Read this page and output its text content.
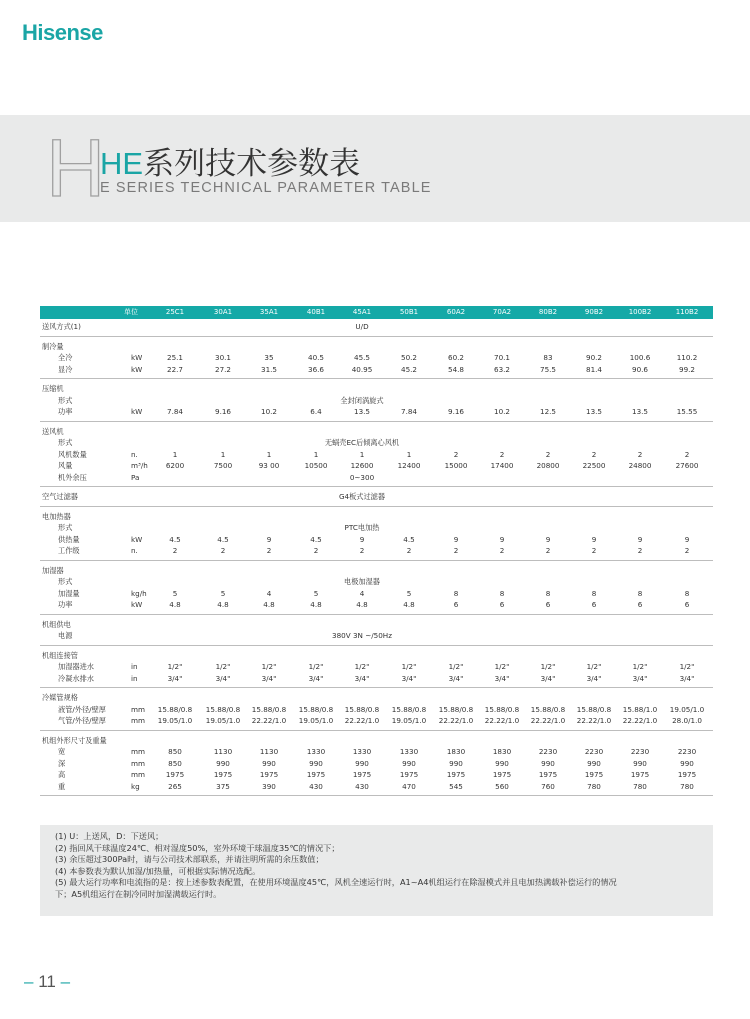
Hisense
H
HE系列技术参数表
E SERIES TECHNICAL PARAMETER TABLE
单位	25C1	30A1	35A1	40B1	45A1	50B1	60A2	70A2	80B2	90B2	100B2	110B2
送风方式(1)	U/D
制冷量
全冷	kW	25.1	30.1	35	40.5	45.5	50.2	60.2	70.1	83	90.2	100.6	110.2
显冷	kW	22.7	27.2	31.5	36.6	40.95	45.2	54.8	63.2	75.5	81.4	90.6	99.2
压缩机
形式	全封闭涡旋式
功率	kW	7.84	9.16	10.2	6.4	13.5	7.84	9.16	10.2	12.5	13.5	13.5	15.55
送风机
形式	无蜗壳EC后倾离心风机
风机数量	n.	1	1	1	1	1	1	2	2	2	2	2	2
风量	m³/h 6200	7500	93 00	10500	12600	12400	15000	17400	20800	22500	24800	27600
机外余压	Pa	0~300
空气过滤器	G4板式过滤器
电加热器
形式	PTC电加热
供热量	kW	4.5	4.5	9	4.5	9	4.5	9	9	9	9	9	9
工作级	n.	2	2	2	2	2	2	2	2	2	2	2	2
加湿器
形式	电极加湿器
加湿量	kg/h	5	5	4	5	4	5	8	8	8	8	8	8
功率	kW	4.8	4.8	4.8	4.8	4.8	4.8	6	6	6	6	6	6
机组供电
电源	380V 3N ~/50Hz
机组连接管
加湿器进水	in	1/2"	1/2"	1/2"	1/2"	1/2"	1/2"	1/2"	1/2"	1/2"	1/2"	1/2"	1/2"
冷凝水排水	in	3/4"	3/4"	3/4"	3/4"	3/4"	3/4"	3/4"	3/4"	3/4"	3/4"	3/4"	3/4"
冷媒管规格
液管/外径/壁厚	mm 15.88/0.8 15.88/0.8 15.88/0.8 15.88/0.8 15.88/0.8 15.88/0.8 15.88/0.8 15.88/0.8 15.88/0.8 15.88/0.8 15.88/1.0 19.05/1.0
气管/外径/壁厚	mm 19.05/1.0 19.05/1.0 22.22/1.0 19.05/1.0 22.22/1.0 19.05/1.0 22.22/1.0 22.22/1.0 22.22/1.0 22.22/1.0 22.22/1.0 28.0/1.0
机组外形尺寸及重量
宽	mm	850	1130	1130	1330	1330	1330	1830	1830	2230	2230	2230	2230
深	mm	850	990	990	990	990	990	990	990	990	990	990	990
高	mm	1975	1975	1975	1975	1975	1975	1975	1975	1975	1975	1975	1975
重	kg	265	375	390	430	430	470	545	560	760	780	780	780
(1) U：上送风，D：下送风；
(2) 指回风干球温度24℃、相对湿度50%，室外环境干球温度35℃的情况下；
(3) 余压超过300Pa时，请与公司技术部联系，并请注明所需的余压数值；
(4) 本参数表为默认加湿/加热量，可根据实际情况选配。
(5) 最大运行功率和电流指的是：按上述参数表配置，在使用环境温度45℃，风机全速运行时，A1~A4机组运行在除湿模式并且电加热满载补偿运行的情况
下；A5机组运行在制冷同时加湿满载运行时。
– 11 –
